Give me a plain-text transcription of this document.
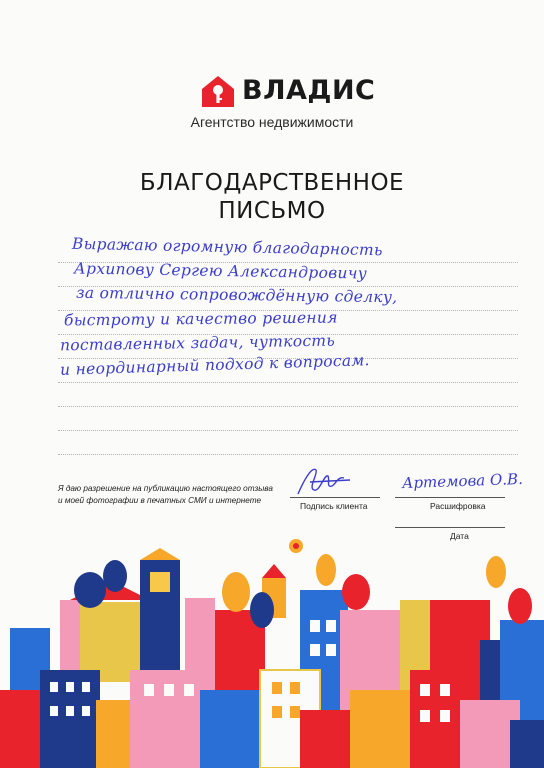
ВЛАДИС
Агентство недвижимости
БЛАГОДАРСТВЕННОЕ
ПИСЬМО
Выражаю огромную благодарность
Архипову Сергею Александровичу
за отлично сопровождённую сделку,
быстроту и качество решения
поставленных задач, чуткость
и неординарный подход к вопросам.
Я даю разрешение на публикацию настоящего отзыва и моей фотографии в печатных СМИ и интернете
Подпись клиента
Артемова О.В.
Расшифровка
Дата
